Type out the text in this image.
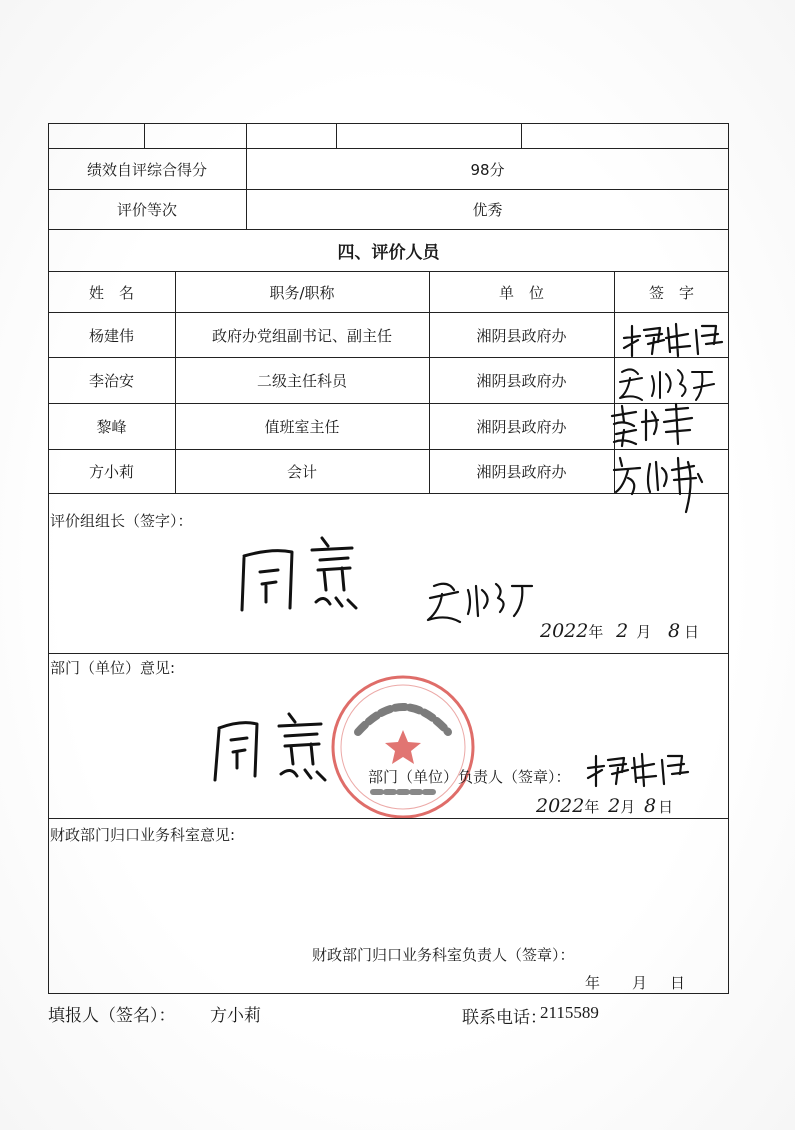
绩效自评综合得分	98分
评价等次	优秀
四、评价人员
姓　名	职务/职称	单　位	签　字
杨建伟	政府办党组副书记、副主任	湘阴县政府办
李治安	二级主任科员	湘阴县政府办
黎峰	值班室主任	湘阴县政府办
方小莉	会计	湘阴县政府办
评价组组长（签字）：
2022年 2 月 8 日
部门（单位）意见:
部门（单位）负责人（签章）：
2022年 2月 8 日
财政部门归口业务科室意见:
财政部门归口业务科室负责人（签章）：
年 月 日
填报人（签名）： 方小莉	联系电话：
2115589
